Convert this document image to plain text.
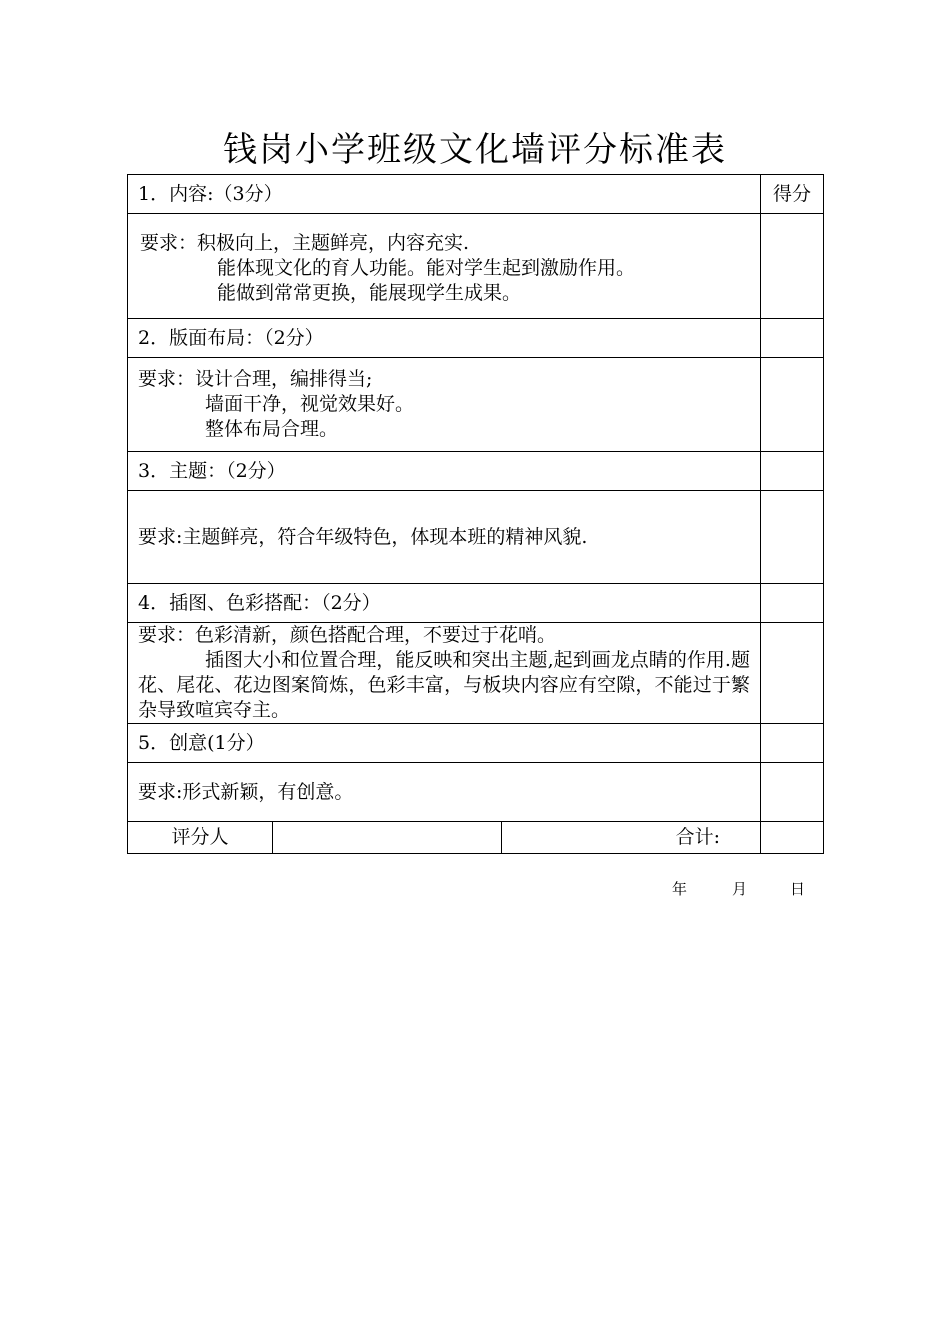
钱岗小学班级文化墙评分标准表
1．内容:（3分）			得分

要求：积极向上，主题鲜亮，内容充实.
能体现文化的育人功能。能对学生起到激励作用。
能做到常常更换，能展现学生成果。			

2．版面布局：（2分）			

要求：设计合理，编排得当;
墙面干净，视觉效果好。
整体布局合理。			

3．主题：（2分）			

要求:主题鲜亮，符合年级特色，体现本班的精神风貌.			

4．插图、色彩搭配：（2分）			

要求：色彩清新，颜色搭配合理，不要过于花哨。
插图大小和位置合理，能反映和突出主题,起到画龙点睛的作用.题花、尾花、花边图案简炼，色彩丰富，与板块内容应有空隙，不能过于繁杂导致喧宾夺主。			

5．创意(1分）			

要求:形式新颖，有创意。			

评分人		合计:	
年	月	日
